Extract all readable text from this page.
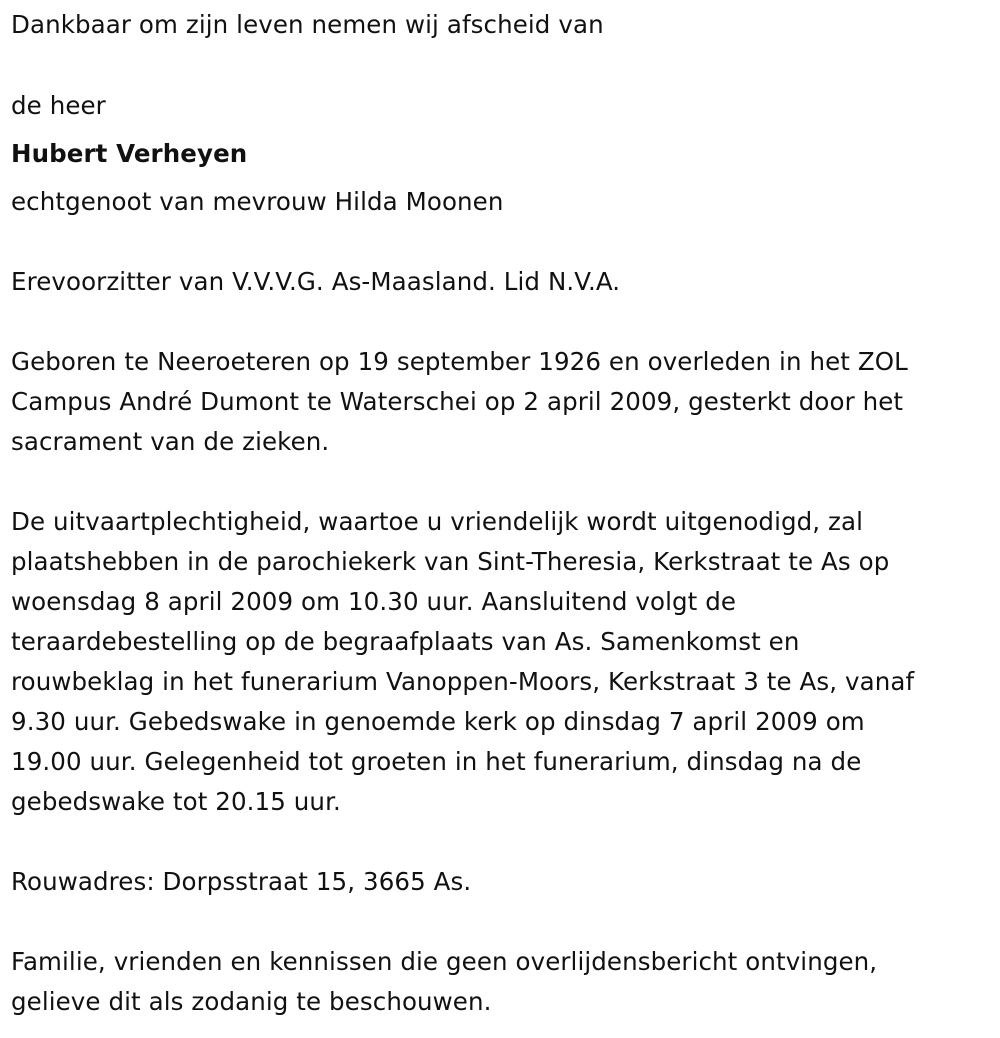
Dankbaar om zijn leven nemen wij afscheid van
de heer
Hubert Verheyen
echtgenoot van mevrouw Hilda Moonen
Erevoorzitter van V.V.V.G. As-Maasland. Lid N.V.A.
Geboren te Neeroeteren op 19 september 1926 en overleden in het ZOL
Campus André Dumont te Waterschei op 2 april 2009, gesterkt door het
sacrament van de zieken.
De uitvaartplechtigheid, waartoe u vriendelijk wordt uitgenodigd, zal
plaatshebben in de parochiekerk van Sint-Theresia, Kerkstraat te As op
woensdag 8 april 2009 om 10.30 uur. Aansluitend volgt de
teraardebestelling op de begraafplaats van As. Samenkomst en
rouwbeklag in het funerarium Vanoppen-Moors, Kerkstraat 3 te As, vanaf
9.30 uur. Gebedswake in genoemde kerk op dinsdag 7 april 2009 om
19.00 uur. Gelegenheid tot groeten in het funerarium, dinsdag na de
gebedswake tot 20.15 uur.
Rouwadres: Dorpsstraat 15, 3665 As.
Familie, vrienden en kennissen die geen overlijdensbericht ontvingen,
gelieve dit als zodanig te beschouwen.
